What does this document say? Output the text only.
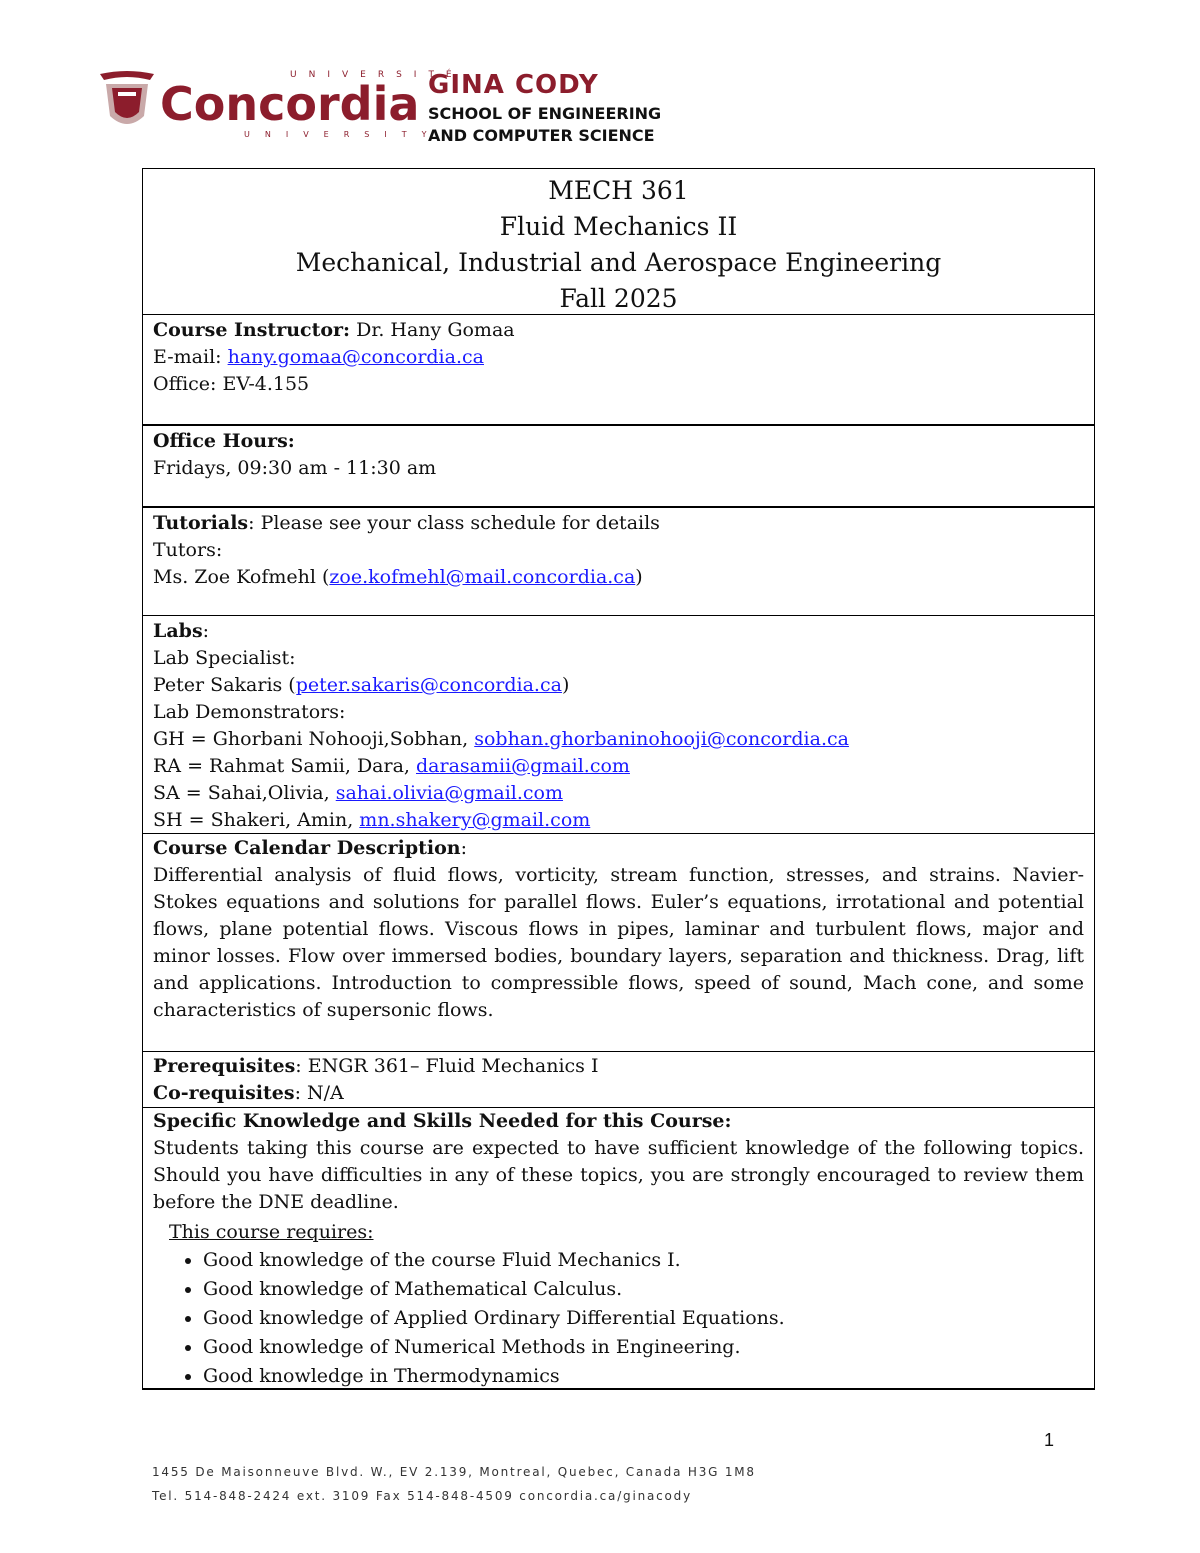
UNIVERSITÉ
Concordia
UNIVERSITY
GINA CODY
SCHOOL OF ENGINEERING
AND COMPUTER SCIENCE
MECH 361
Fluid Mechanics II
Mechanical, Industrial and Aerospace Engineering
Fall 2025
Course Instructor: Dr. Hany Gomaa
E-mail: hany.gomaa@concordia.ca
Office: EV-4.155
Office Hours:
Fridays, 09:30 am - 11:30 am
Tutorials: Please see your class schedule for details
Tutors:
Ms. Zoe Kofmehl (zoe.kofmehl@mail.concordia.ca)
Labs:
Lab Specialist:
Peter Sakaris (peter.sakaris@concordia.ca)
Lab Demonstrators:
GH = Ghorbani Nohooji,Sobhan, sobhan.ghorbaninohooji@concordia.ca
RA = Rahmat Samii, Dara, darasamii@gmail.com
SA = Sahai,Olivia, sahai.olivia@gmail.com
SH = Shakeri, Amin, mn.shakery@gmail.com
Course Calendar Description:
Differential analysis of fluid flows, vorticity, stream function, stresses, and strains. Navier-Stokes equations and solutions for parallel flows. Euler’s equations, irrotational and potential flows, plane potential flows. Viscous flows in pipes, laminar and turbulent flows, major and minor losses. Flow over immersed bodies, boundary layers, separation and thickness. Drag, lift and applications. Introduction to compressible flows, speed of sound, Mach cone, and some characteristics of supersonic flows.
Prerequisites: ENGR 361– Fluid Mechanics I
Co-requisites: N/A
Specific Knowledge and Skills Needed for this Course:
Students taking this course are expected to have sufficient knowledge of the following topics. Should you have difficulties in any of these topics, you are strongly encouraged to review them before the DNE deadline.
This course requires:
• Good knowledge of the course Fluid Mechanics I.
• Good knowledge of Mathematical Calculus.
• Good knowledge of Applied Ordinary Differential Equations.
• Good knowledge of Numerical Methods in Engineering.
• Good knowledge in Thermodynamics
1
1455 De Maisonneuve Blvd. W., EV 2.139, Montreal, Quebec, Canada H3G 1M8
Tel. 514-848-2424 ext. 3109 Fax 514-848-4509 concordia.ca/ginacody
